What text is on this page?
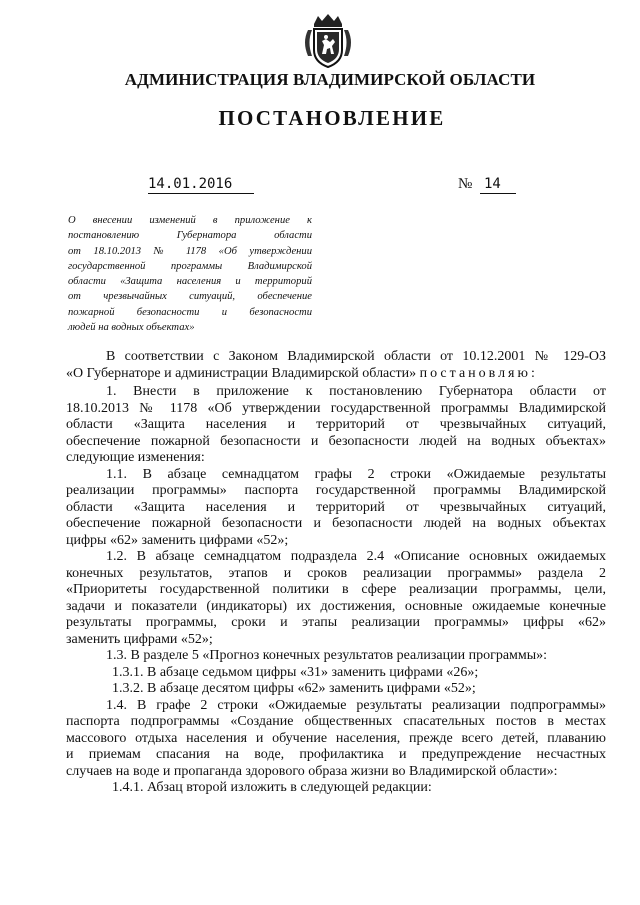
АДМИНИСТРАЦИЯ ВЛАДИМИРСКОЙ ОБЛАСТИ
ПОСТАНОВЛЕНИЕ
14.01.2016	№ 14
О внесении изменений в приложение к
постановлению Губернатора области
от 18.10.2013 № 1178 «Об утверждении
государственной программы Владимирской
области «Защита населения и территорий
от чрезвычайных ситуаций, обеспечение
пожарной безопасности и безопасности
людей на водных объектах»
В соответствии с Законом Владимирской области от 10.12.2001 № 129-ОЗ
«О Губернаторе и администрации Владимирской области» постановляю:
1. Внести в приложение к постановлению Губернатора области от
18.10.2013 № 1178 «Об утверждении государственной программы Владимирской
области «Защита населения и территорий от чрезвычайных ситуаций,
обеспечение пожарной безопасности и безопасности людей на водных объектах»
следующие изменения:
1.1. В абзаце семнадцатом графы 2 строки «Ожидаемые результаты
реализации программы» паспорта государственной программы Владимирской
области «Защита населения и территорий от чрезвычайных ситуаций,
обеспечение пожарной безопасности и безопасности людей на водных объектах
цифры «62» заменить цифрами «52»;
1.2. В абзаце семнадцатом подраздела 2.4 «Описание основных ожидаемых
конечных результатов, этапов и сроков реализации программы» раздела 2
«Приоритеты государственной политики в сфере реализации программы, цели,
задачи и показатели (индикаторы) их достижения, основные ожидаемые конечные
результаты программы, сроки и этапы реализации программы» цифры «62»
заменить цифрами «52»;
1.3. В разделе 5 «Прогноз конечных результатов реализации программы»:
1.3.1. В абзаце седьмом цифры «31» заменить цифрами «26»;
1.3.2. В абзаце десятом цифры «62» заменить цифрами «52»;
1.4. В графе 2 строки «Ожидаемые результаты реализации подпрограммы»
паспорта подпрограммы «Создание общественных спасательных постов в местах
массового отдыха населения и обучение населения, прежде всего детей, плаванию
и приемам спасания на воде, профилактика и предупреждение несчастных
случаев на воде и пропаганда здорового образа жизни во Владимирской области»:
1.4.1. Абзац второй изложить в следующей редакции:
